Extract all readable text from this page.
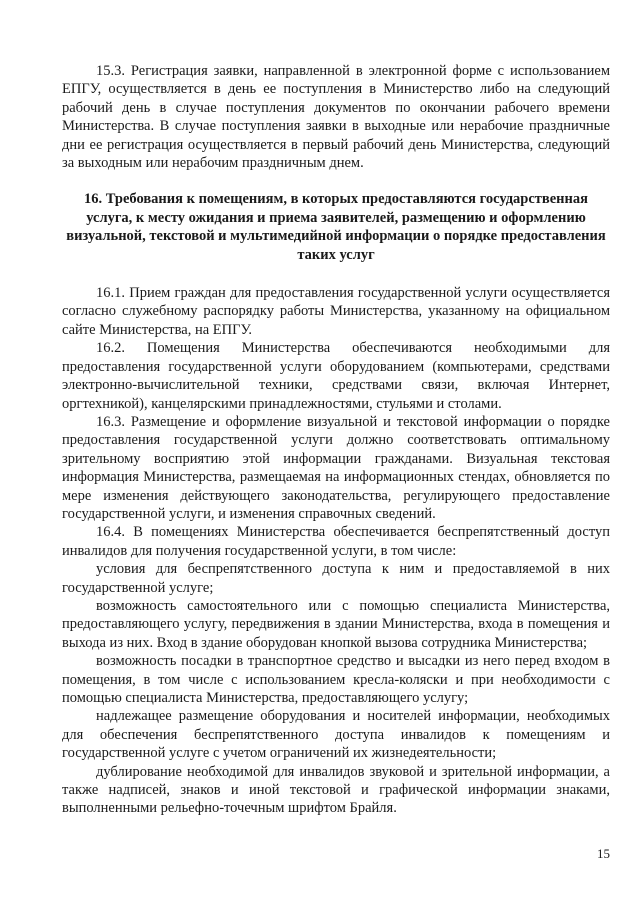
15.3. Регистрация заявки, направленной в электронной форме с использованием ЕПГУ, осуществляется в день ее поступления в Министерство либо на следующий рабочий день в случае поступления документов по окончании рабочего времени Министерства. В случае поступления заявки в выходные или нерабочие праздничные дни ее регистрация осуществляется в первый рабочий день Министерства, следующий за выходным или нерабочим праздничным днем.

16. Требования к помещениям, в которых предоставляются государственная услуга, к месту ожидания и приема заявителей, размещению и оформлению визуальной, текстовой и мультимедийной информации о порядке предоставления таких услуг

16.1. Прием граждан для предоставления государственной услуги осуществляется согласно служебному распорядку работы Министерства, указанному на официальном сайте Министерства, на ЕПГУ.

16.2. Помещения Министерства обеспечиваются необходимыми для предоставления государственной услуги оборудованием (компьютерами, средствами электронно-вычислительной техники, средствами связи, включая Интернет, оргтехникой), канцелярскими принадлежностями, стульями и столами.

16.3. Размещение и оформление визуальной и текстовой информации о порядке предоставления государственной услуги должно соответствовать оптимальному зрительному восприятию этой информации гражданами. Визуальная текстовая информация Министерства, размещаемая на информационных стендах, обновляется по мере изменения действующего законодательства, регулирующего предоставление государственной услуги, и изменения справочных сведений.

16.4. В помещениях Министерства обеспечивается беспрепятственный доступ инвалидов для получения государственной услуги, в том числе:

условия для беспрепятственного доступа к ним и предоставляемой в них государственной услуге;

возможность самостоятельного или с помощью специалиста Министерства, предоставляющего услугу, передвижения в здании Министерства, входа в помещения и выхода из них. Вход в здание оборудован кнопкой вызова сотрудника Министерства;

возможность посадки в транспортное средство и высадки из него перед входом в помещения, в том числе с использованием кресла-коляски и при необходимости с помощью специалиста Министерства, предоставляющего услугу;

надлежащее размещение оборудования и носителей информации, необходимых для обеспечения беспрепятственного доступа инвалидов к помещениям и государственной услуге с учетом ограничений их жизнедеятельности;

дублирование необходимой для инвалидов звуковой и зрительной информации, а также надписей, знаков и иной текстовой и графической информации знаками, выполненными рельефно-точечным шрифтом Брайля.

15
